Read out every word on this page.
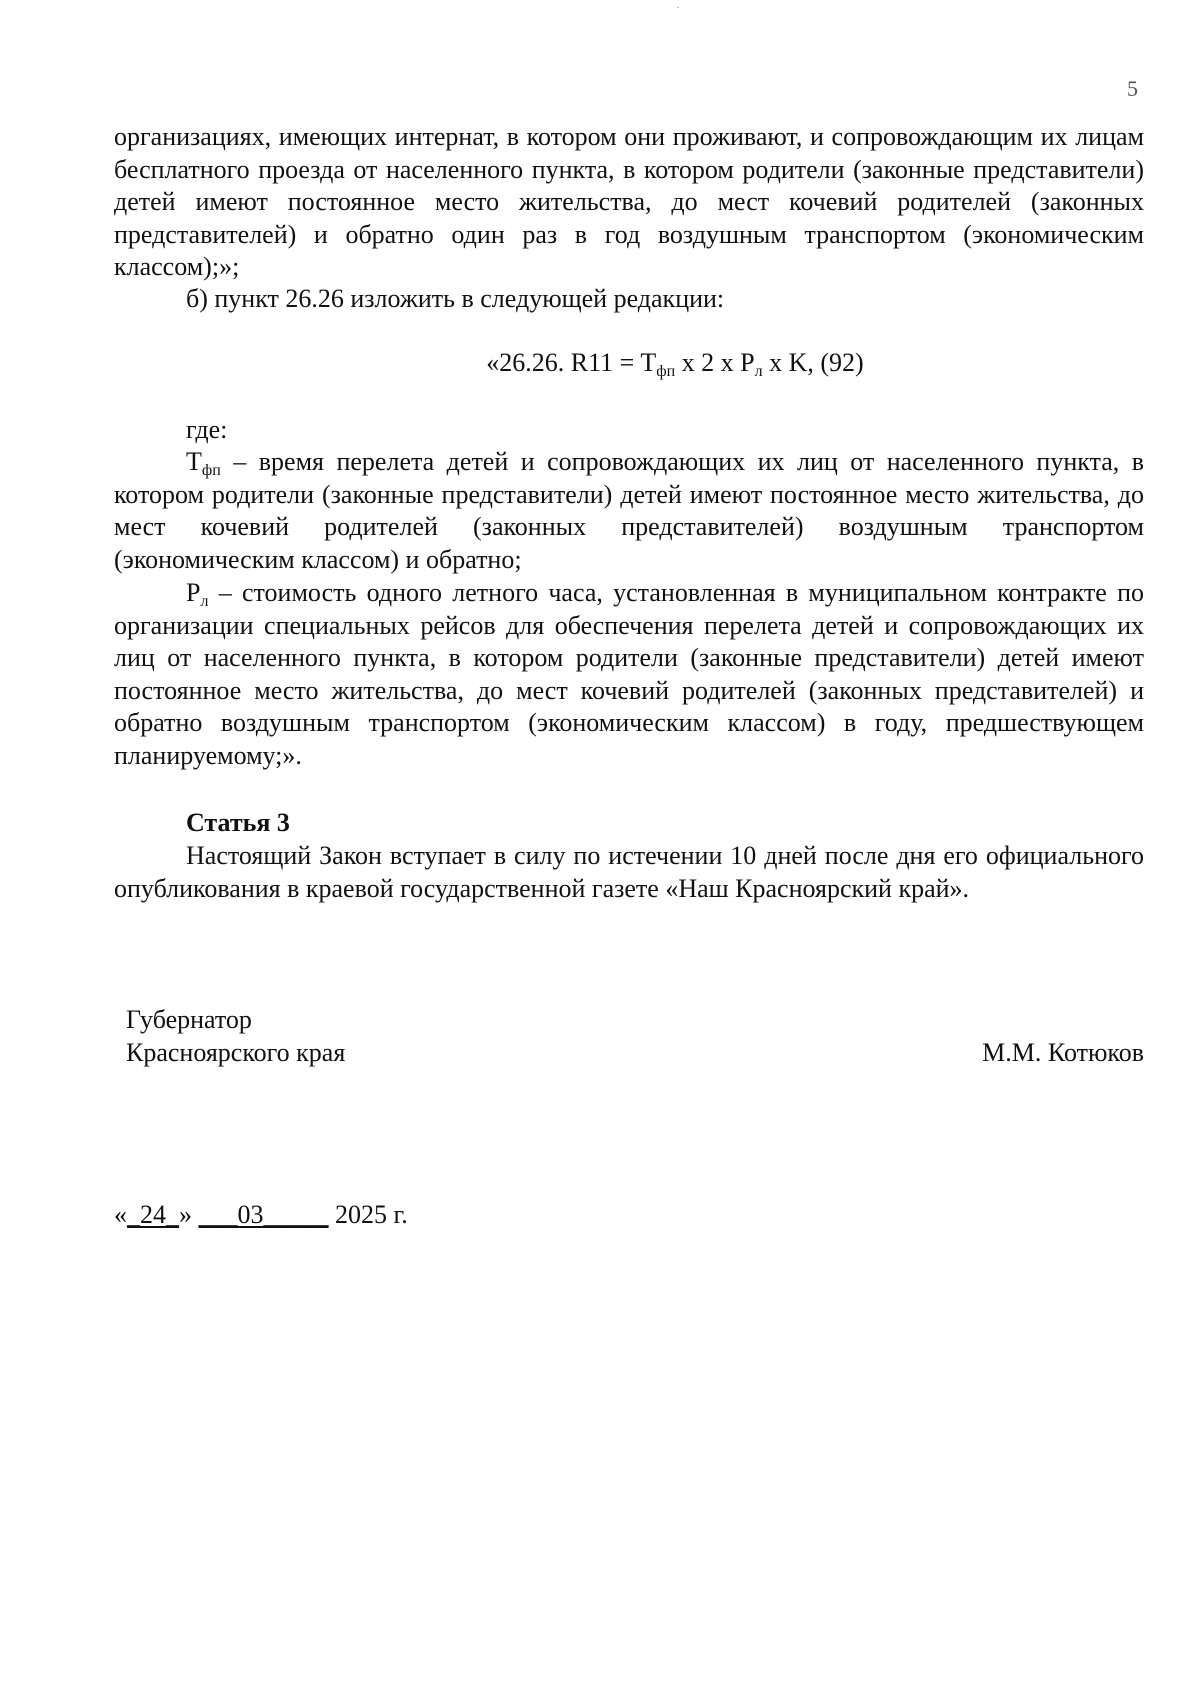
·
5

организациях, имеющих интернат, в котором они проживают, и сопровождающим их лицам бесплатного проезда от населенного пункта, в котором родители (законные представители) детей имеют постоянное место жительства, до мест кочевий родителей (законных представителей) и обратно один раз в год воздушным транспортом (экономическим классом);»;

б) пункт 26.26 изложить в следующей редакции:

«26.26. $R11 = T_{фп}$ х 2 х $Р_л$ х K, (92)

где:

$T_{фп}$ – время перелета детей и сопровождающих их лиц от населенного пункта, в котором родители (законные представители) детей имеют постоянное место жительства, до мест кочевий родителей (законных представителей) воздушным транспортом (экономическим классом) и обратно;

$Р_л$ – стоимость одного летного часа, установленная в муниципальном контракте по организации специальных рейсов для обеспечения перелета детей и сопровождающих их лиц от населенного пункта, в котором родители (законные представители) детей имеют постоянное место жительства, до мест кочевий родителей (законных представителей) и обратно воздушным транспортом (экономическим классом) в году, предшествующем планируемому;».

Статья 3

Настоящий Закон вступает в силу по истечении 10 дней после дня его официального опубликования в краевой государственной газете «Наш Красноярский край».

Губернатор
Красноярского края	М.М. Котюков
«_24_» ___03_____ 2025 г.
